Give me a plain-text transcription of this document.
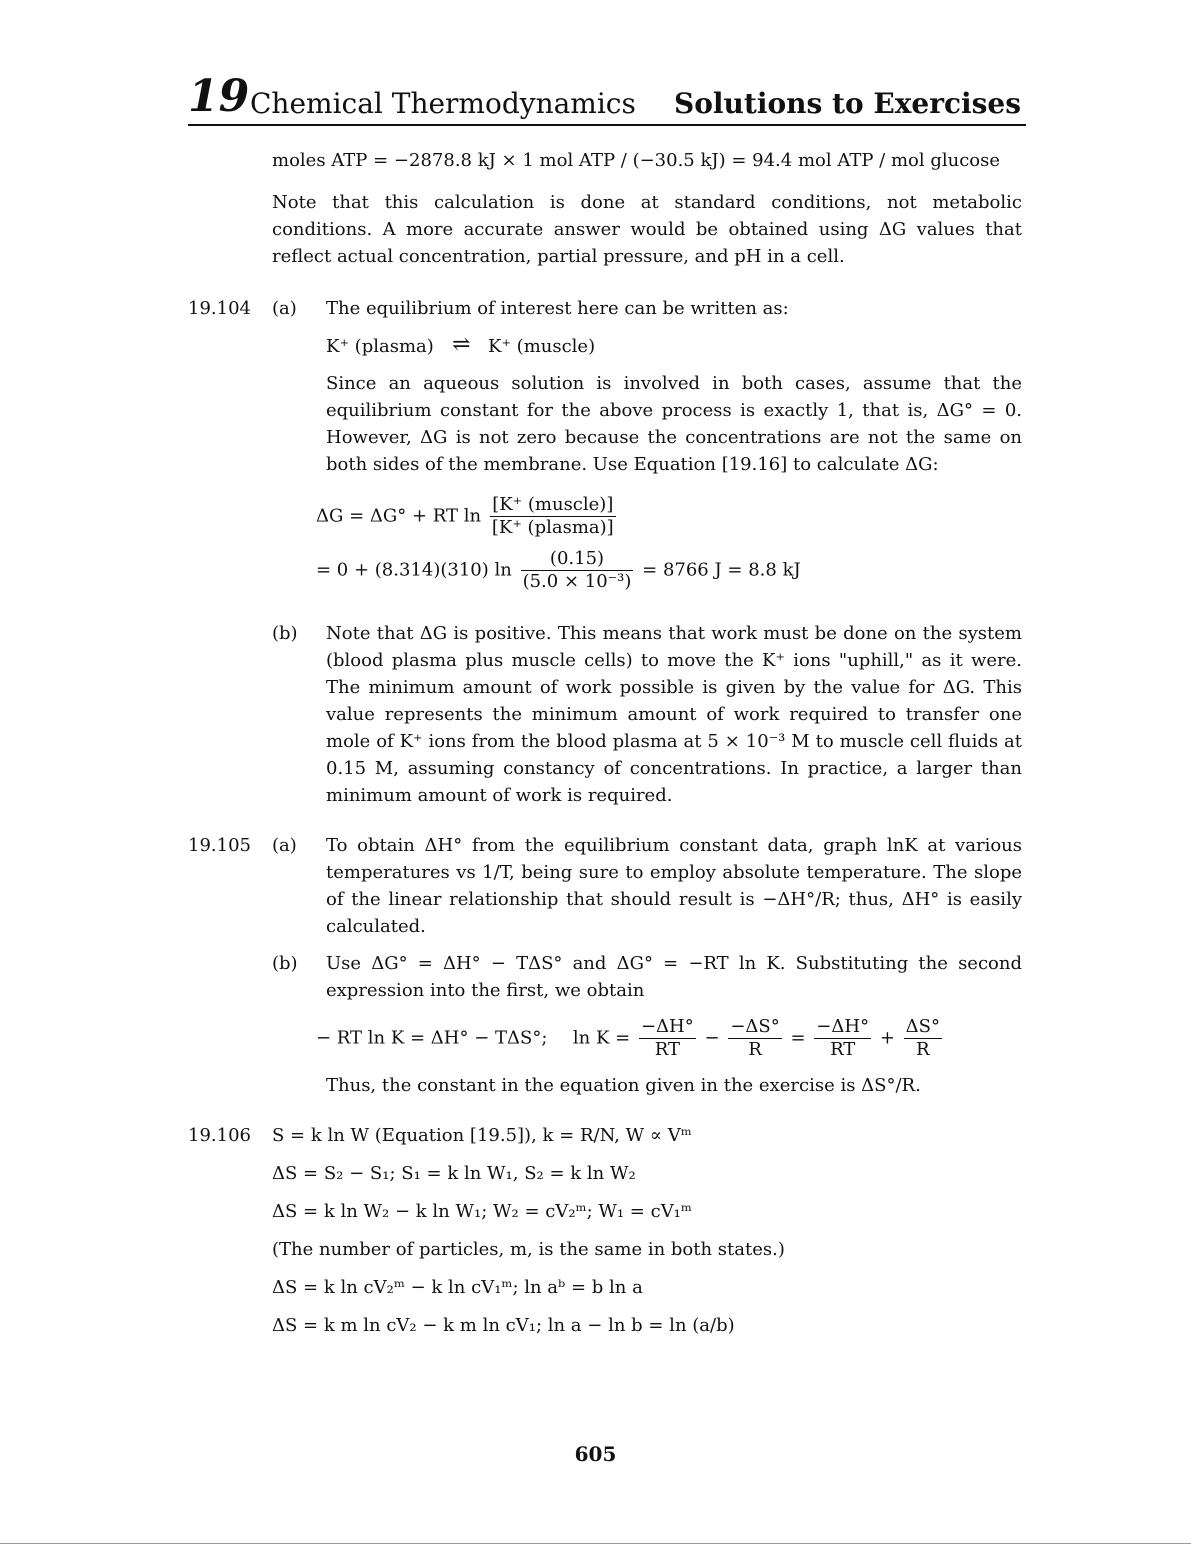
19 Chemical Thermodynamics Solutions to Exercises
moles ATP = −2878.8 kJ × 1 mol ATP / (−30.5 kJ) = 94.4 mol ATP / mol glucose
Note that this calculation is done at standard conditions, not metabolic conditions. A more accurate answer would be obtained using ΔG values that reflect actual concentration, partial pressure, and pH in a cell.
19.104 (a) The equilibrium of interest here can be written as:
K⁺ (plasma) ⇌ K⁺ (muscle)
Since an aqueous solution is involved in both cases, assume that the equilibrium constant for the above process is exactly 1, that is, ΔG° = 0. However, ΔG is not zero because the concentrations are not the same on both sides of the membrane. Use Equation [19.16] to calculate ΔG:
ΔG = ΔG° + RT $\ln \frac{\text{[K⁺ (muscle)]}}{\text{[K⁺ (plasma)]}}$
= 0 + (8.314)(310) $\ln \frac{(0.15)}{\text{(5.0 × 10⁻³)}} = 8766$ J = 8.8 kJ
(b) Note that ΔG is positive. This means that work must be done on the system (blood plasma plus muscle cells) to move the K⁺ ions "uphill," as it were. The minimum amount of work possible is given by the value for ΔG. This value represents the minimum amount of work required to transfer one mole of K⁺ ions from the blood plasma at 5 × 10⁻³ M to muscle cell fluids at 0.15 M, assuming constancy of concentrations. In practice, a larger than minimum amount of work is required.
19.105 (a) To obtain ΔH° from the equilibrium constant data, graph lnK at various temperatures vs 1/T, being sure to employ absolute temperature. The slope of the linear relationship that should result is −ΔH°/R; thus, ΔH° is easily calculated.
(b) Use ΔG° = ΔH° − TΔS° and ΔG° = −RT ln K. Substituting the second expression into the first, we obtain
− RT ln K = ΔH° − TΔS°; $\ln K = \frac{-\Delta H^\circ}{RT} - \frac{-\Delta S^\circ}{R} = \frac{-\Delta H^\circ}{RT} + \frac{\Delta S^\circ}{R}$
Thus, the constant in the equation given in the exercise is ΔS°/R.
19.106 S = k ln W (Equation [19.5]), k = R/N, W ∝ Vᵐ
ΔS = S₂ − S₁; S₁ = k ln W₁, S₂ = k ln W₂
ΔS = k ln W₂ − k ln W₁; W₂ = cV₂ᵐ; W₁ = cV₁ᵐ
(The number of particles, m, is the same in both states.)
ΔS = k ln cV₂ᵐ − k ln cV₁ᵐ; ln aᵇ = b ln a
ΔS = k m ln cV₂ − k m ln cV₁; ln a − ln b = ln (a/b)
605
